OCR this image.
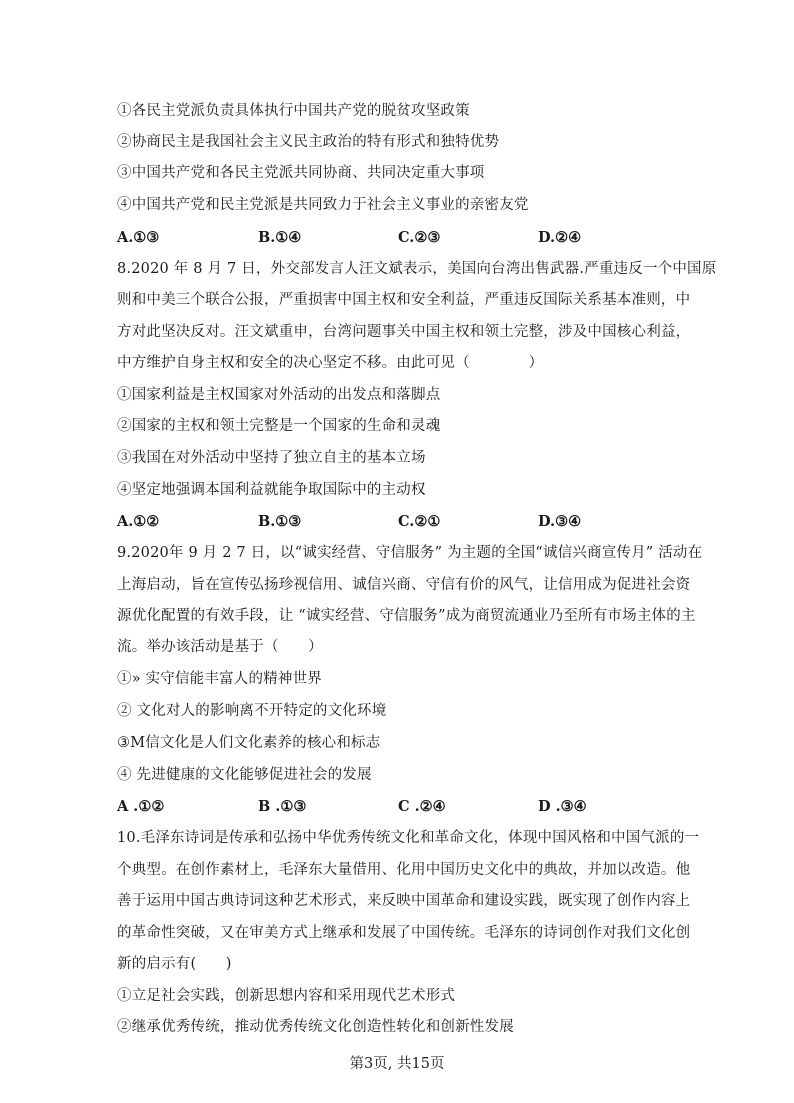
①各民主党派负责具体执行中国共产党的脱贫攻坚政策
②协商民主是我国社会主义民主政治的特有形式和独特优势
③中国共产党和各民主党派共同协商、共同决定重大事项
④中国共产党和民主党派是共同致力于社会主义事业的亲密友党
A.①③	B.①④	C.②③	D.②④
8.2020 年 8 月 7 日，外交部发言人汪文斌表示，美国向台湾出售武器.严重违反一个中国原
则和中美三个联合公报，严重损害中国主权和安全利益，严重违反国际关系基本准则，中
方对此坚决反对。汪文斌重申，台湾问题事关中国主权和领土完整，涉及中国核心利益，
中方维护自身主权和安全的决心坚定不移。由此可见（　　　　）
①国家利益是主权国家对外活动的出发点和落脚点
②国家的主权和领土完整是一个国家的生命和灵魂
③我国在对外活动中坚持了独立自主的基本立场
④坚定地强调本国利益就能争取国际中的主动权
A.①②	B.①③	C.②①	D.③④
9.2020年 9 月 2 7 日，以“诚实经营、守信服务” 为主题的全国“诚信兴商宣传月” 活动在
上海启动，旨在宣传弘扬珍视信用、诚信兴商、守信有价的风气，让信用成为促进社会资
源优化配置的有效手段，让 “诚实经营、守信服务”成为商贸流通业乃至所有市场主体的主
流。举办该活动是基于（　　）
①» 实守信能丰富人的精神世界
② 文化对人的影响离不开特定的文化环境
③M信文化是人们文化素养的核心和标志
④ 先进健康的文化能够促进社会的发展
A .①②	B .①③	C .②④	D .③④
10.毛泽东诗词是传承和弘扬中华优秀传统文化和革命文化，体现中国风格和中国气派的一
个典型。在创作素材上，毛泽东大量借用、化用中国历史文化中的典故，并加以改造。他
善于运用中国古典诗词这种艺术形式，来反映中国革命和建设实践，既实现了创作内容上
的革命性突破，又在审美方式上继承和发展了中国传统。毛泽东的诗词创作对我们文化创
新的启示有(　　)
①立足社会实践，创新思想内容和采用现代艺术形式
②继承优秀传统，推动优秀传统文化创造性转化和创新性发展
第3页, 共15页
